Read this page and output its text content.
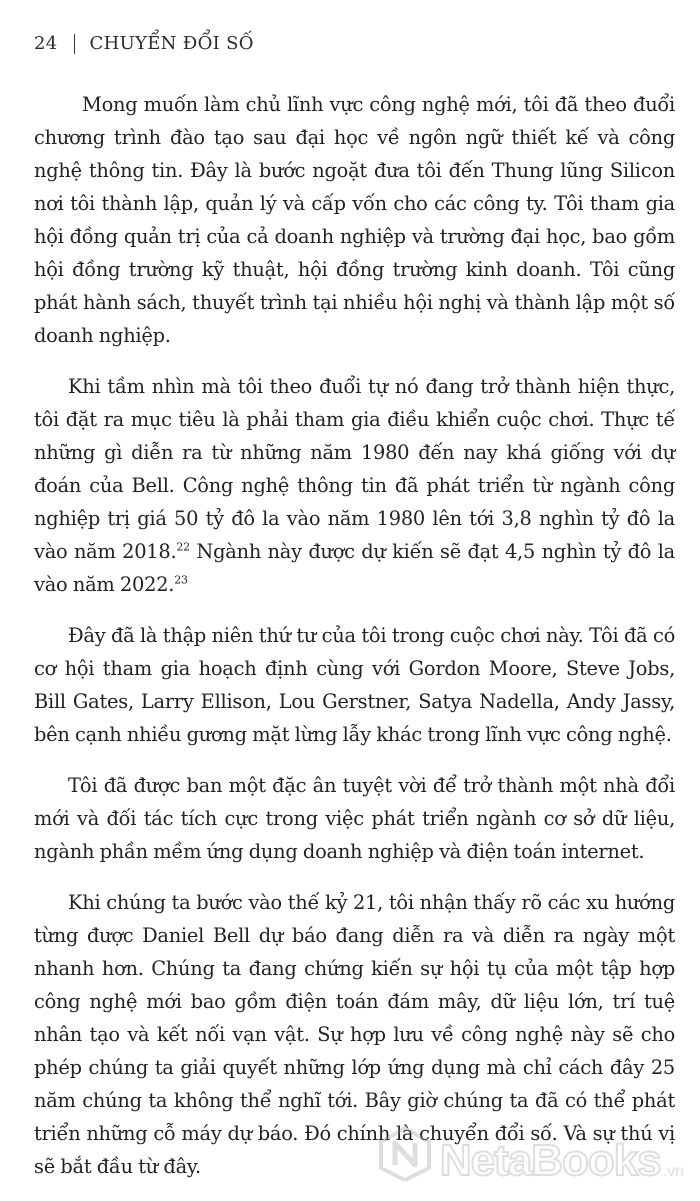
24 CHUYỂN ĐỔI SỐ

Mong muốn làm chủ lĩnh vực công nghệ mới, tôi đã theo đuổi chương trình đào tạo sau đại học về ngôn ngữ thiết kế và công nghệ thông tin. Đây là bước ngoặt đưa tôi đến Thung lũng Silicon nơi tôi thành lập, quản lý và cấp vốn cho các công ty. Tôi tham gia hội đồng quản trị của cả doanh nghiệp và trường đại học, bao gồm hội đồng trường kỹ thuật, hội đồng trường kinh doanh. Tôi cũng phát hành sách, thuyết trình tại nhiều hội nghị và thành lập một số doanh nghiệp.

Khi tầm nhìn mà tôi theo đuổi tự nó đang trở thành hiện thực, tôi đặt ra mục tiêu là phải tham gia điều khiển cuộc chơi. Thực tế những gì diễn ra từ những năm 1980 đến nay khá giống với dự đoán của Bell. Công nghệ thông tin đã phát triển từ ngành công nghiệp trị giá 50 tỷ đô la vào năm 1980 lên tới 3,8 nghìn tỷ đô la vào năm 2018.22 Ngành này được dự kiến sẽ đạt 4,5 nghìn tỷ đô la vào năm 2022.23

Đây đã là thập niên thứ tư của tôi trong cuộc chơi này. Tôi đã có cơ hội tham gia hoạch định cùng với Gordon Moore, Steve Jobs, Bill Gates, Larry Ellison, Lou Gerstner, Satya Nadella, Andy Jassy, bên cạnh nhiều gương mặt lừng lẫy khác trong lĩnh vực công nghệ.

Tôi đã được ban một đặc ân tuyệt vời để trở thành một nhà đổi mới và đối tác tích cực trong việc phát triển ngành cơ sở dữ liệu, ngành phần mềm ứng dụng doanh nghiệp và điện toán internet.

Khi chúng ta bước vào thế kỷ 21, tôi nhận thấy rõ các xu hướng từng được Daniel Bell dự báo đang diễn ra và diễn ra ngày một nhanh hơn. Chúng ta đang chứng kiến sự hội tụ của một tập hợp công nghệ mới bao gồm điện toán đám mây, dữ liệu lớn, trí tuệ nhân tạo và kết nối vạn vật. Sự hợp lưu về công nghệ này sẽ cho phép chúng ta giải quyết những lớp ứng dụng mà chỉ cách đây 25 năm chúng ta không thể nghĩ tới. Bây giờ chúng ta đã có thể phát triển những cỗ máy dự báo. Đó chính là chuyển đổi số. Và sự thú vị sẽ bắt đầu từ đây.	NetaBooks .vn
